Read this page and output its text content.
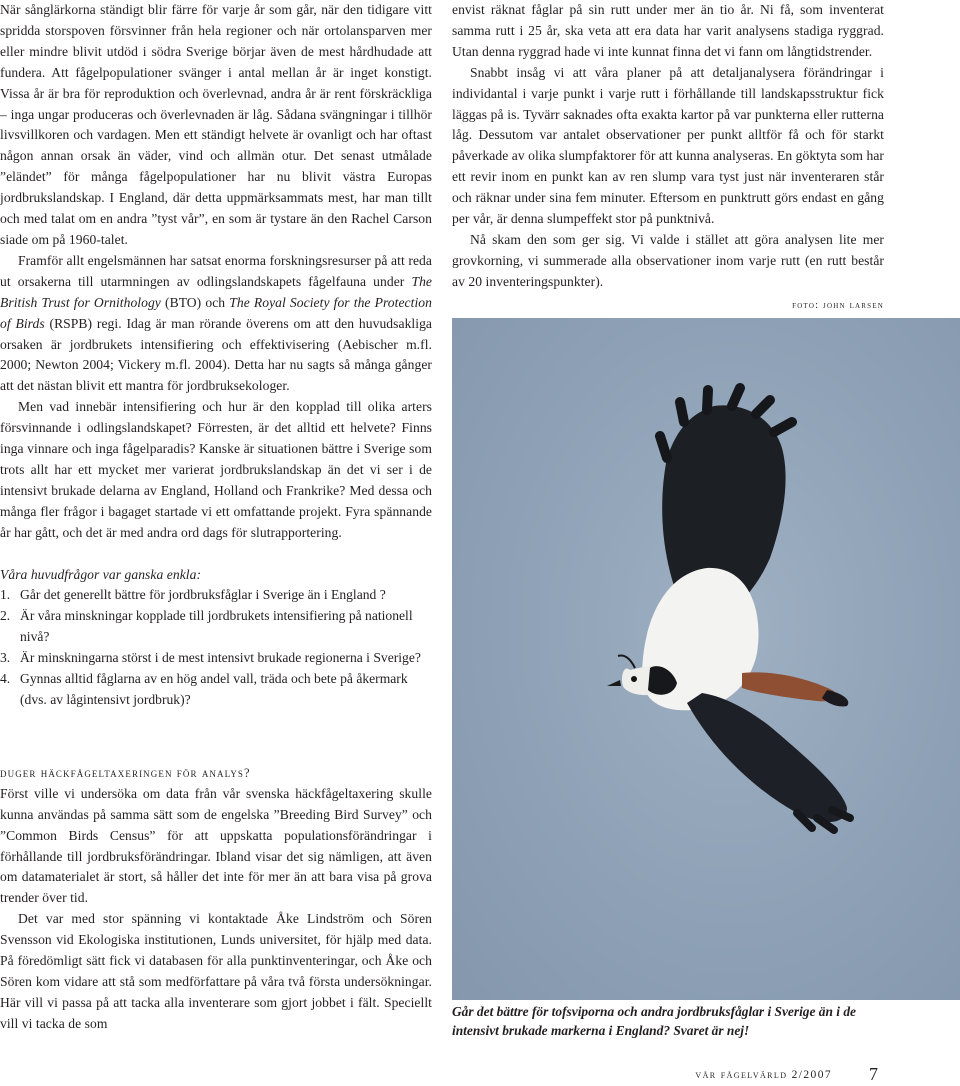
När sånglärkorna ständigt blir färre för varje år som går, när den tidigare vitt spridda storspoven försvinner från hela regioner och när ortolansparven mer eller mindre blivit utdöd i södra Sverige börjar även de mest hårdhudade att fundera. Att fågelpopulationer svänger i antal mellan år är inget konstigt. Vissa år är bra för reproduktion och överlevnad, andra år är rent förskräckliga – inga ungar produceras och överlevnaden är låg. Sådana svängningar i tillhör livsvillkoren och vardagen. Men ett ständigt helvete är ovanligt och har oftast någon annan orsak än väder, vind och allmän otur. Det senast utmålade ”eländet” för många fågelpopulationer har nu blivit västra Europas jordbrukslandskap. I England, där detta uppmärksammats mest, har man tillt och med talat om en andra ”tyst vår”, en som är tystare än den Rachel Carson siade om på 1960-talet.

Framför allt engelsmännen har satsat enorma forskningsresurser på att reda ut orsakerna till utarmningen av odlingslandskapets fågelfauna under The British Trust for Ornithology (BTO) och The Royal Society for the Protection of Birds (RSPB) regi. Idag är man rörande överens om att den huvudsakliga orsaken är jordbrukets intensifiering och effektivisering (Aebischer m.fl. 2000; Newton 2004; Vickery m.fl. 2004). Detta har nu sagts så många gånger att det nästan blivit ett mantra för jordbruksekologer.

Men vad innebär intensifiering och hur är den kopplad till olika arters försvinnande i odlingslandskapet? Förresten, är det alltid ett helvete? Finns inga vinnare och inga fågelparadis? Kanske är situationen bättre i Sverige som trots allt har ett mycket mer varierat jordbrukslandskap än det vi ser i de intensivt brukade delarna av England, Holland och Frankrike? Med dessa och många fler frågor i bagaget startade vi ett omfattande projekt. Fyra spännande år har gått, och det är med andra ord dags för slutrapportering.

Våra huvudfrågor var ganska enkla:

1. Går det generellt bättre för jordbruksfåglar i Sverige än i England ?
2. Är våra minskningar kopplade till jordbrukets intensifiering på nationell nivå?
3. Är minskningarna störst i de mest intensivt brukade regionerna i Sverige?
4. Gynnas alltid fåglarna av en hög andel vall, träda och bete på åkermark (dvs. av lågintensivt jordbruk)?
duger häckfågeltaxeringen för analys?

Först ville vi undersöka om data från vår svenska häckfågeltaxering skulle kunna användas på samma sätt som de engelska ”Breeding Bird Survey” och ”Common Birds Census” för att uppskatta populationsförändringar i förhållande till jordbruksförändringar. Ibland visar det sig nämligen, att även om datamaterialet är stort, så håller det inte för mer än att bara visa på grova trender över tid.

Det var med stor spänning vi kontaktade Åke Lindström och Sören Svensson vid Ekologiska institutionen, Lunds universitet, för hjälp med data. På föredömligt sätt fick vi databasen för alla punktinventeringar, och Åke och Sören kom vidare att stå som medförfattare på våra två första undersökningar. Här vill vi passa på att tacka alla inventerare som gjort jobbet i fält. Speciellt vill vi tacka de som

envist räknat fåglar på sin rutt under mer än tio år. Ni få, som inventerat samma rutt i 25 år, ska veta att era data har varit analysens stadiga ryggrad. Utan denna ryggrad hade vi inte kunnat finna det vi fann om långtidstrender.

Snabbt insåg vi att våra planer på att detaljanalysera förändringar i individantal i varje punkt i varje rutt i förhållande till landskapsstruktur fick läggas på is. Tyvärr saknades ofta exakta kartor på var punkterna eller rutterna låg. Dessutom var antalet observationer per punkt alltför få och för starkt påverkade av olika slumpfaktorer för att kunna analyseras. En göktyta som har ett revir inom en punkt kan av ren slump vara tyst just när inventeraren står och räknar under sina fem minuter. Eftersom en punktrutt görs endast en gång per vår, är denna slumpeffekt stor på punktnivå.

Nå skam den som ger sig. Vi valde i stället att göra analysen lite mer grovkorning, vi summerade alla observationer inom varje rutt (en rutt består av 20 inventeringspunkter).

foto: john larsen
Går det bättre för tofsviporna och andra jordbruksfåglar i Sverige än i de intensivt brukade markerna i England? Svaret är nej!
vår fågelvärld 2/2007 7
